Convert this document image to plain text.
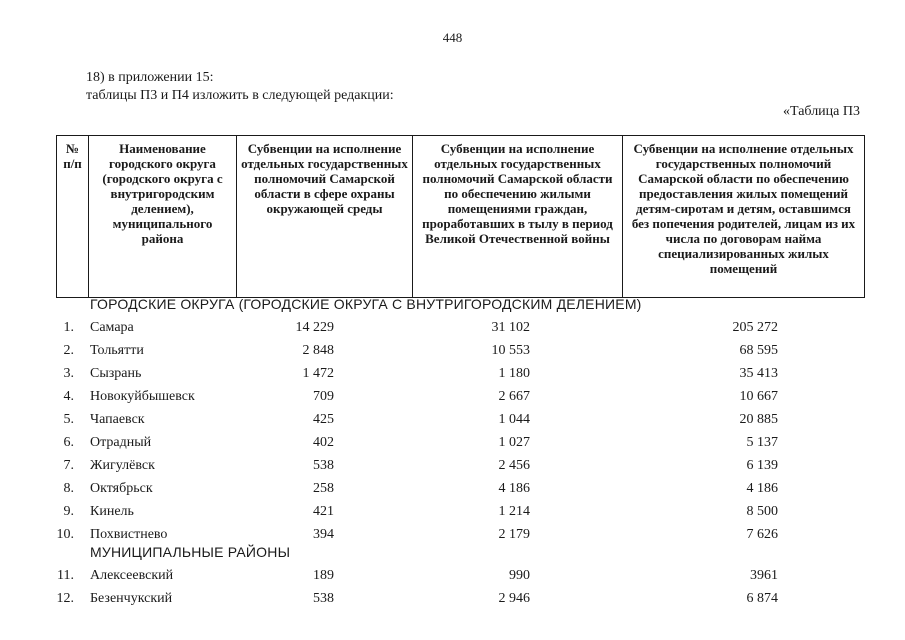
448
18) в приложении 15:
таблицы П3 и П4 изложить в следующей редакции:
«Таблица П3
№ п/п	Наименование городского округа (городского округа с внутригородским делением), муниципального района	Субвенции на исполнение отдельных государственных полномочий Самарской области в сфере охраны окружающей среды	Субвенции на исполнение отдельных государственных полномочий Самарской области по обеспечению жилыми помещениями граждан, проработавших в тылу в период Великой Отечественной войны	Субвенции на исполнение отдельных государственных полномочий Самарской области по обеспечению предоставления жилых помещений детям-сиротам и детям, оставшимся без попечения родителей, лицам из их числа по договорам найма специализированных жилых помещений
ГОРОДСКИЕ ОКРУГА (ГОРОДСКИЕ ОКРУГА С ВНУТРИГОРОДСКИМ ДЕЛЕНИЕМ)
1. Самара	14 229	31 102	205 272
2. Тольятти	2 848	10 553	68 595
3. Сызрань	1 472	1 180	35 413
4. Новокуйбышевск	709	2 667	10 667
5. Чапаевск	425	1 044	20 885
6. Отрадный	402	1 027	5 137
7. Жигулёвск	538	2 456	6 139
8. Октябрьск	258	4 186	4 186
9. Кинель	421	1 214	8 500
10. Похвистнево	394	2 179	7 626
МУНИЦИПАЛЬНЫЕ РАЙОНЫ
11. Алексеевский	189	990	3961
12. Безенчукский	538	2 946	6 874
